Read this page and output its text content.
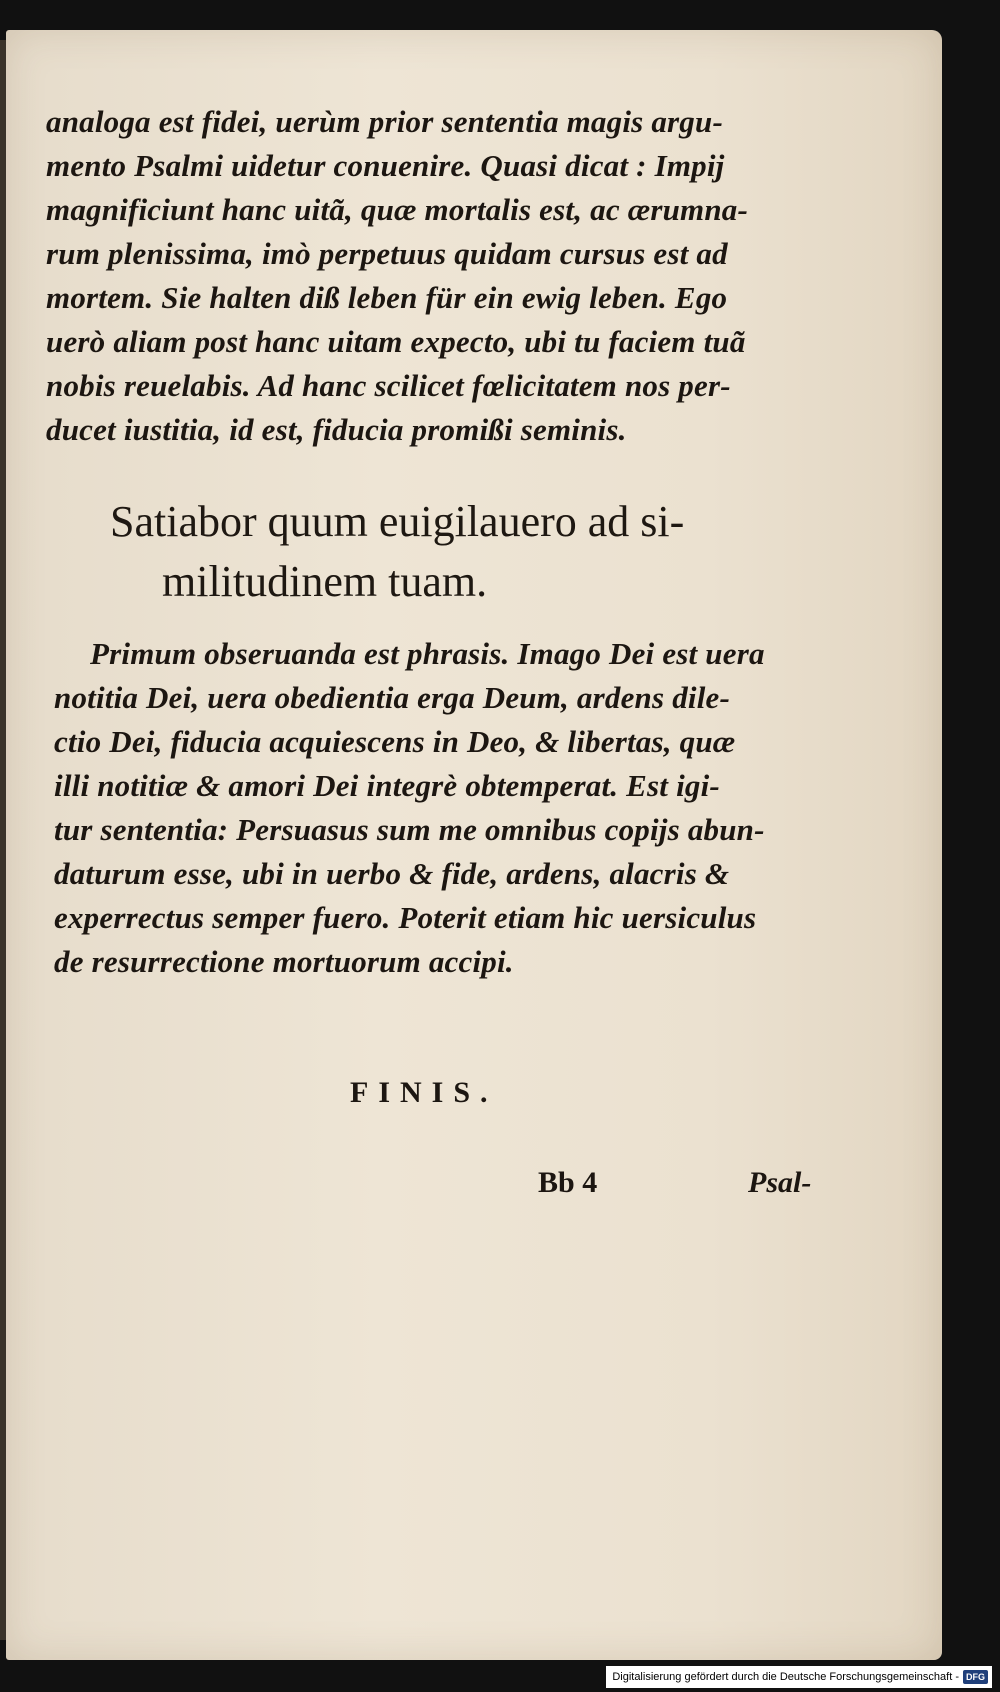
analoga est fidei, uerùm prior sententia magis argu-

mento Psalmi uidetur conuenire. Quasi dicat : Impij

magnificiunt hanc uitã, quæ mortalis est, ac ærumna-

rum plenissima, imò perpetuus quidam cursus est ad

mortem. Sie halten diß leben für ein ewig leben. Ego

uerò aliam post hanc uitam expecto, ubi tu faciem tuã

nobis reuelabis. Ad hanc scilicet fœlicitatem nos per-

ducet iustitia, id est, fiducia promißi seminis.

Satiabor quum euigilauero ad si-

militudinem tuam.

Primum obseruanda est phrasis. Imago Dei est uera

notitia Dei, uera obedientia erga Deum, ardens dile-

ctio Dei, fiducia acquiescens in Deo, & libertas, quæ

illi notitiæ & amori Dei integrè obtemperat. Est igi-

tur sententia: Persuasus sum me omnibus copijs abun-

daturum esse, ubi in uerbo & fide, ardens, alacris &

experrectus semper fuero. Poterit etiam hic uersiculus

de resurrectione mortuorum accipi.

FINIS.

Bb 4	Psal-

Digitalisierung gefördert durch die Deutsche Forschungsgemeinschaft - DFG
